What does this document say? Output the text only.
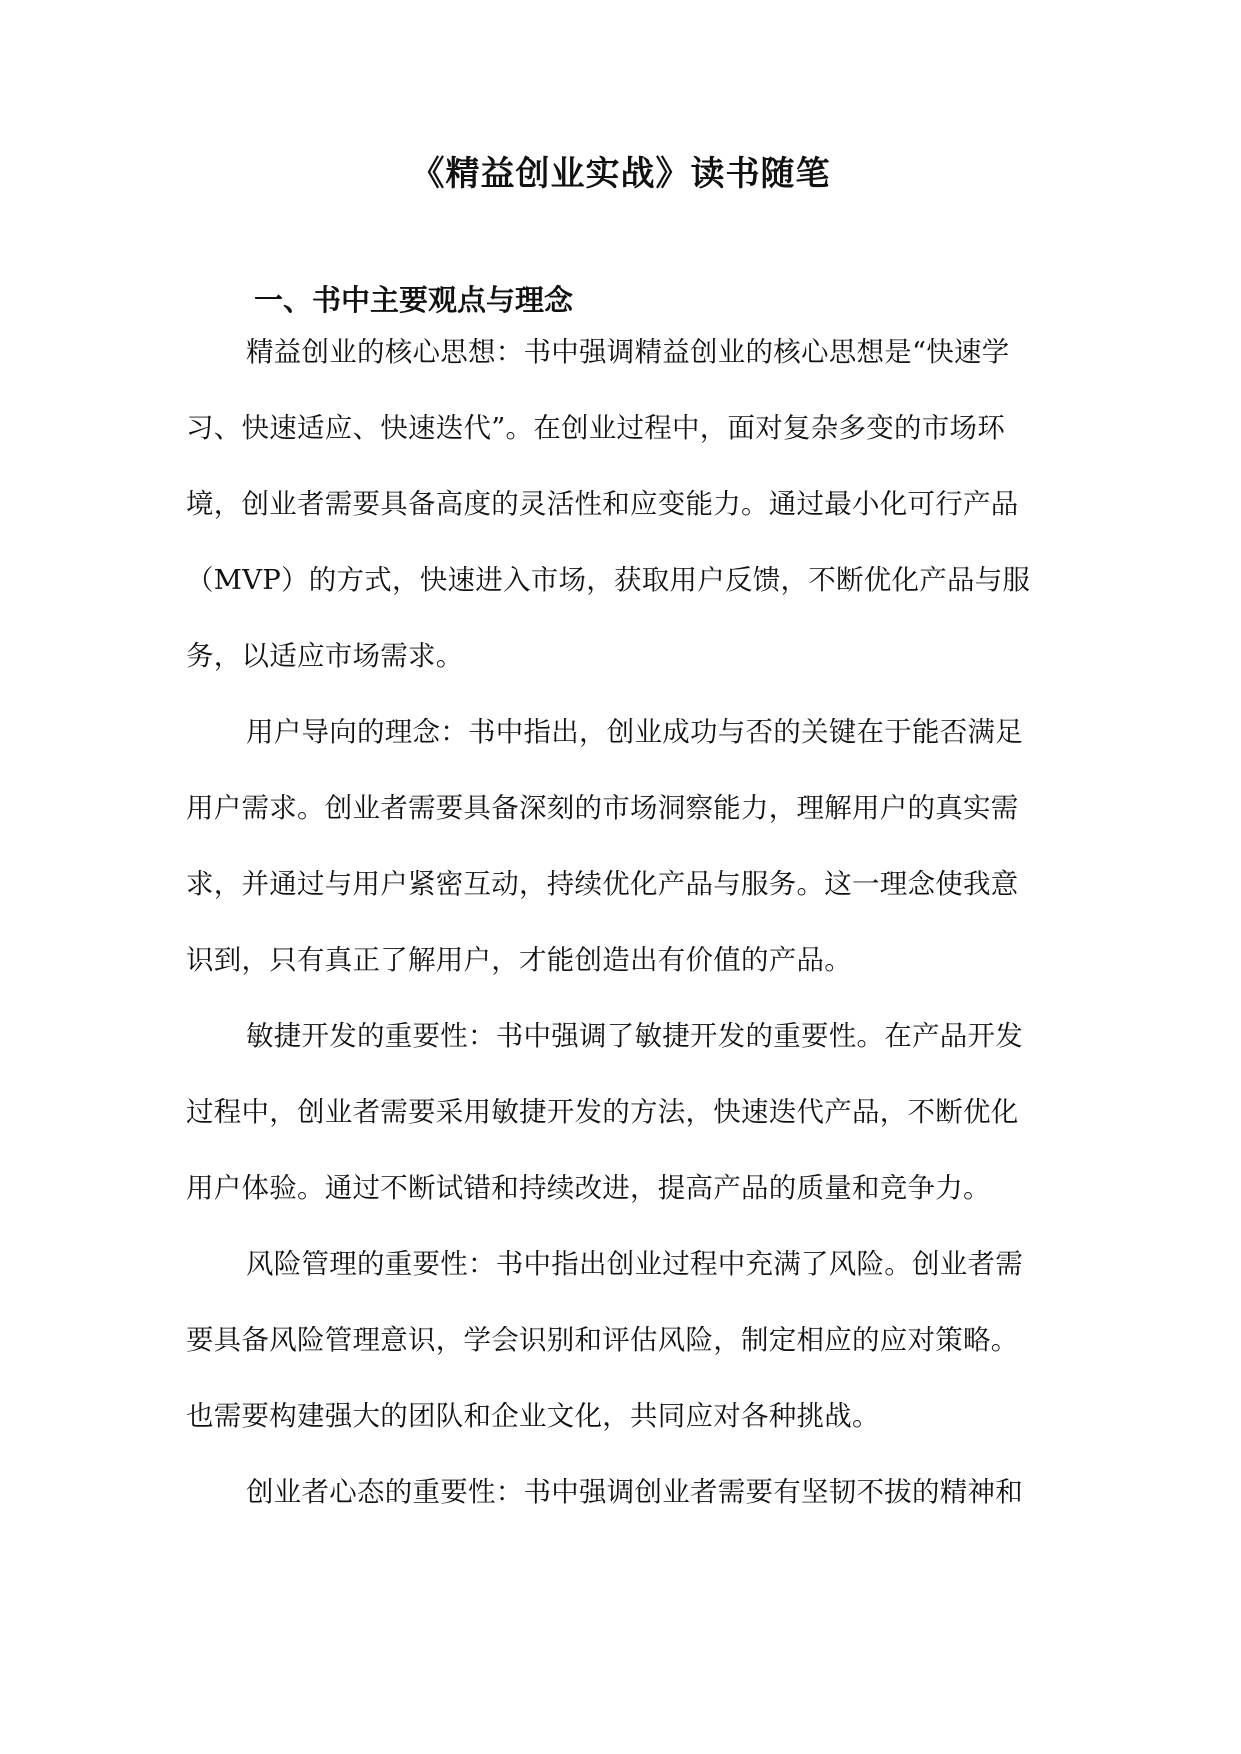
《精益创业实战》读书随笔
一、书中主要观点与理念
精益创业的核心思想：书中强调精益创业的核心思想是“快速学
习、快速适应、快速迭代”。在创业过程中，面对复杂多变的市场环
境，创业者需要具备高度的灵活性和应变能力。通过最小化可行产品
（MVP）的方式，快速进入市场，获取用户反馈，不断优化产品与服
务，以适应市场需求。
用户导向的理念：书中指出，创业成功与否的关键在于能否满足
用户需求。创业者需要具备深刻的市场洞察能力，理解用户的真实需
求，并通过与用户紧密互动，持续优化产品与服务。这一理念使我意
识到，只有真正了解用户，才能创造出有价值的产品。
敏捷开发的重要性：书中强调了敏捷开发的重要性。在产品开发
过程中，创业者需要采用敏捷开发的方法，快速迭代产品，不断优化
用户体验。通过不断试错和持续改进，提高产品的质量和竞争力。
风险管理的重要性：书中指出创业过程中充满了风险。创业者需
要具备风险管理意识，学会识别和评估风险，制定相应的应对策略。
也需要构建强大的团队和企业文化，共同应对各种挑战。
创业者心态的重要性：书中强调创业者需要有坚韧不拔的精神和
